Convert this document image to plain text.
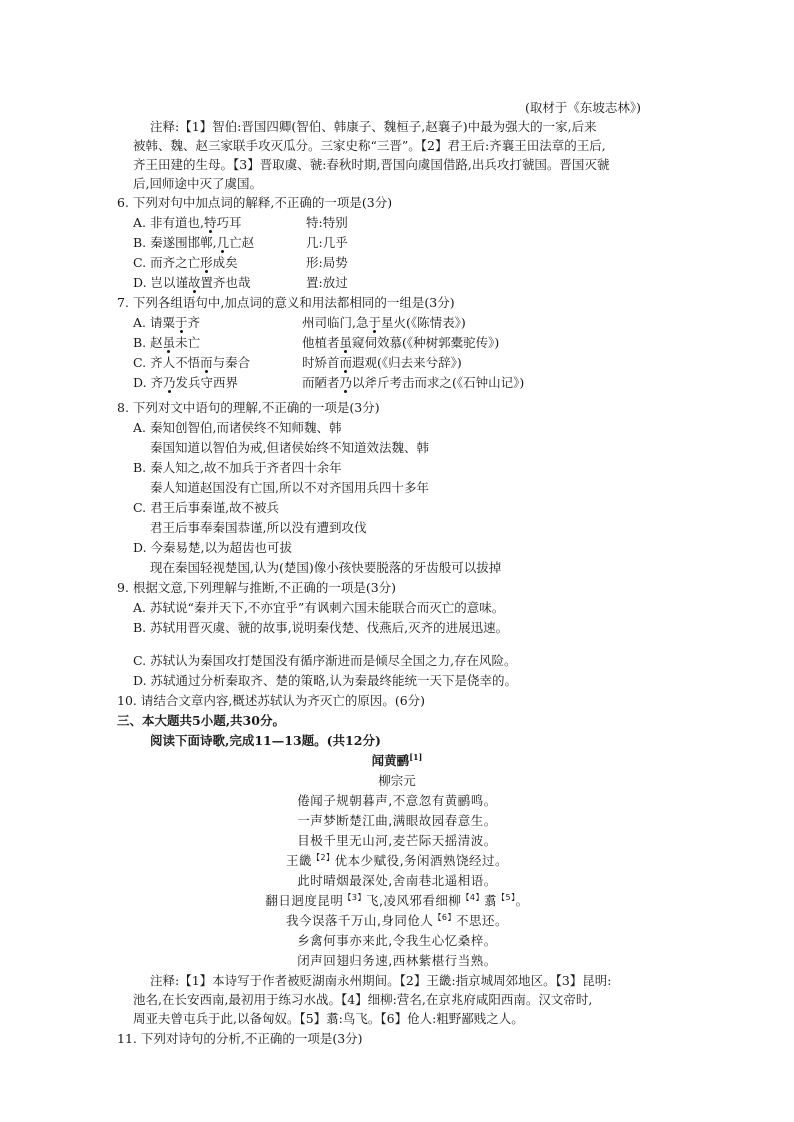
(取材于《东坡志林》)
注释:【1】智伯:晋国四卿(智伯、韩康子、魏桓子,赵襄子)中最为强大的一家,后来
被韩、魏、赵三家联手攻灭瓜分。三家史称“三晋”。【2】君王后:齐襄王田法章的王后,
齐王田建的生母。【3】晋取虞、虢:春秋时期,晋国向虞国借路,出兵攻打虢国。晋国灭虢
后,回师途中灭了虞国。
6. 下列对句中加点词的解释,不正确的一项是(3分)
A. 非有道也,特巧耳	特:特别
B. 秦遂围邯郸,几亡赵	几:几乎
C. 而齐之亡形成矣	形:局势
D. 岂以谨故置齐也哉	置:放过
7. 下列各组语句中,加点词的意义和用法都相同的一组是(3分)
A. 请粟于齐	州司临门,急于星火(《陈情表》)
B. 赵虽未亡	他植者虽窥伺效慕(《种树郭橐驼传》)
C. 齐人不悟而与秦合	时矫首而遐观(《归去来兮辞》)
D. 齐乃发兵守西界	而陋者乃以斧斤考击而求之(《石钟山记》)
8. 下列对文中语句的理解,不正确的一项是(3分)
A. 秦知创智伯,而诸侯终不知师魏、韩
秦国知道以智伯为戒,但诸侯始终不知道效法魏、韩
B. 秦人知之,故不加兵于齐者四十余年
秦人知道赵国没有亡国,所以不对齐国用兵四十多年
C. 君王后事秦谨,故不被兵
君王后事奉秦国恭谨,所以没有遭到攻伐
D. 今秦易楚,以为超齿也可拔
现在秦国轻视楚国,认为(楚国)像小孩快要脱落的牙齿般可以拔掉
9. 根据文意,下列理解与推断,不正确的一项是(3分)
A. 苏轼说“秦并天下,不亦宜乎”有讽刺六国未能联合而灭亡的意味。
B. 苏轼用晋灭虞、虢的故事,说明秦伐楚、伐燕后,灭齐的进展迅速。
C. 苏轼认为秦国攻打楚国没有循序渐进而是倾尽全国之力,存在风险。
D. 苏轼通过分析秦取齐、楚的策略,认为秦最终能统一天下是侥幸的。
10. 请结合文章内容,概述苏轼认为齐灭亡的原因。(6分)
三、本大题共5小题,共30分。
阅读下面诗歌,完成11—13题。(共12分)
闻黄鹂[1]
柳宗元
倦闻子规朝暮声,不意忽有黄鹂鸣。
一声梦断楚江曲,满眼故园春意生。
目极千里无山河,麦芒际天摇清波。
王畿$^{【2】}$优本少赋役,务闲酒熟饶经过。
此时晴烟最深处,舍南巷北遥相语。
翻日迥度昆明$^{【3】}$飞,凌风邪看细柳$^{【4】}$翥$^{【5】}$。
我今误落千万山,身同伧人$^{【6】}$不思还。
乡禽何事亦来此,令我生心忆桑梓。
闭声回翅归务速,西林紫椹行当熟。
注释:【1】本诗写于作者被贬湖南永州期间。【2】王畿:指京城周郊地区。【3】昆明:
池名,在长安西南,最初用于练习水战。【4】细柳:营名,在京兆府咸阳西南。汉文帝时,
周亚夫曾屯兵于此,以备匈奴。【5】翥:鸟飞。【6】伧人:粗野鄙贱之人。
11. 下列对诗句的分析,不正确的一项是(3分)
